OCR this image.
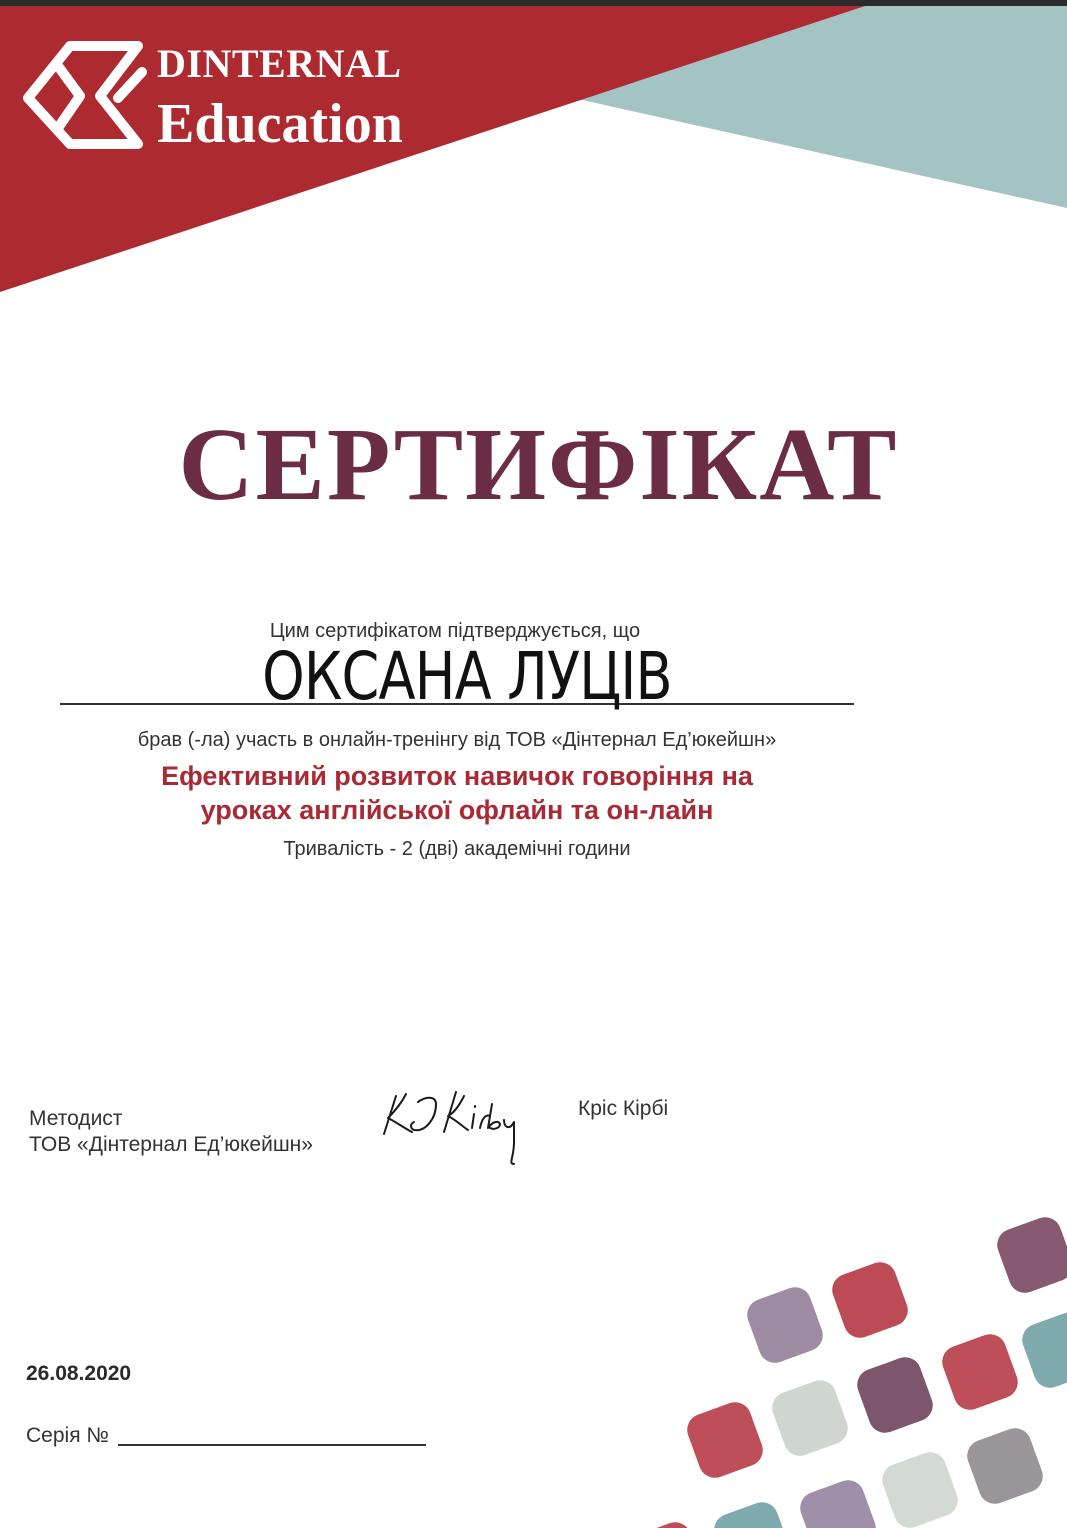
DINTERNAL
Education
СЕРТИФІКАТ
Цим сертифікатом підтверджується, що
ОКСАНА ЛУЦІВ
брав (-ла) участь в онлайн-тренінгу від ТОВ «Дінтернал Ед’юкейшн»
Ефективний розвиток навичок говоріння на
уроках англійської офлайн та он-лайн
Тривалість - 2 (дві) академічні години
Методист
ТОВ «Дінтернал Ед’юкейшн»
Кріс Кірбі
26.08.2020
Серія №
